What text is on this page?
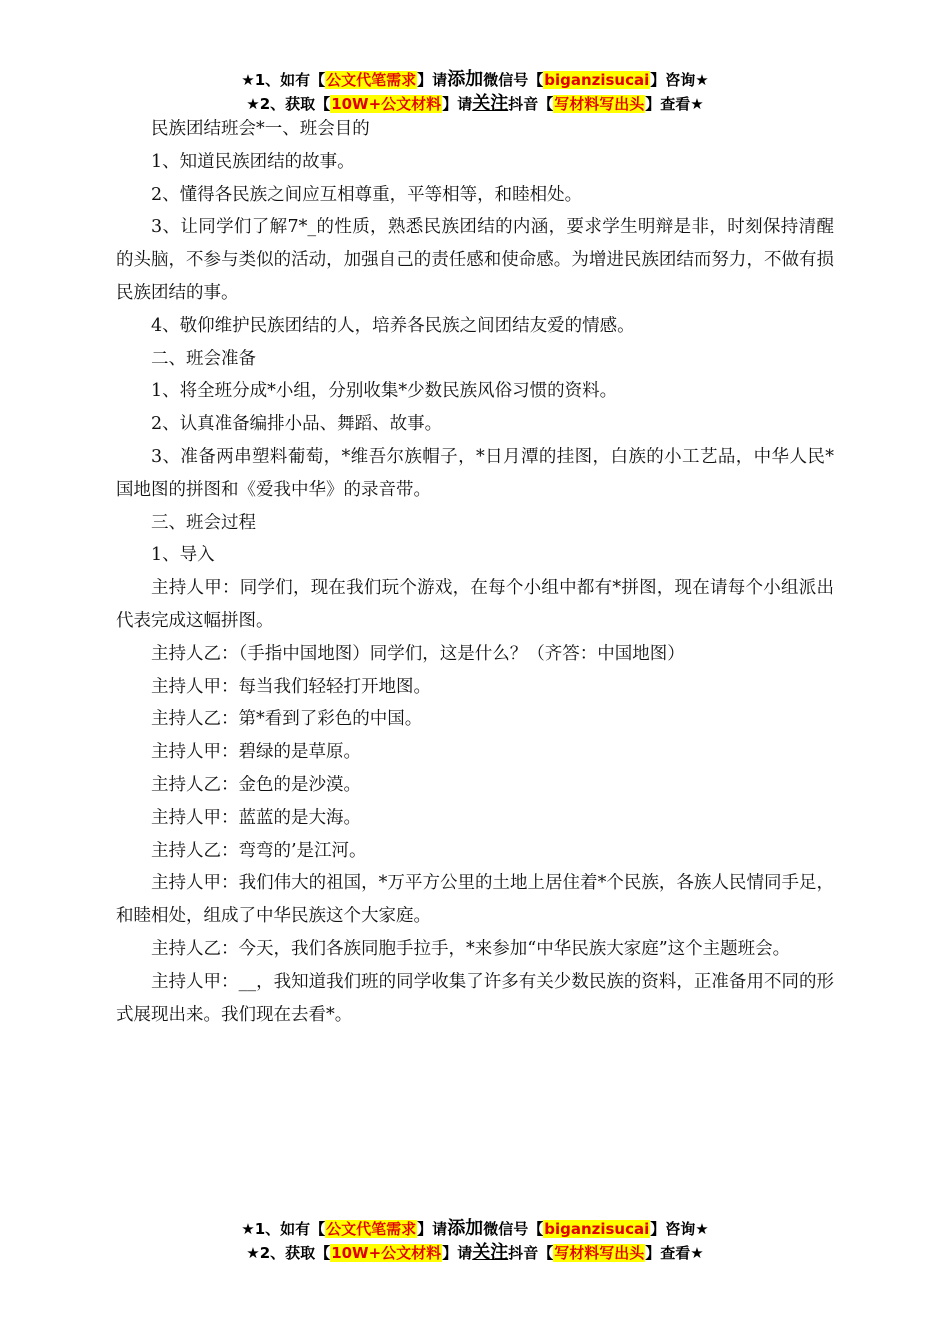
★1、如有【公文代笔需求】请添加微信号【biganzisucai】咨询★
★2、获取【10W+公文材料】请关注抖音【写材料写出头】查看★

民族团结班会*一、班会目的

1、知道民族团结的故事。

2、懂得各民族之间应互相尊重，平等相等，和睦相处。

3、让同学们了解7*_的性质，熟悉民族团结的内涵，要求学生明辩是非，时刻保持清醒的头脑，不参与类似的活动，加强自己的责任感和使命感。为增进民族团结而努力，不做有损民族团结的事。

4、敬仰维护民族团结的人，培养各民族之间团结友爱的情感。

二、班会准备

1、将全班分成*小组，分别收集*少数民族风俗习惯的资料。

2、认真准备编排小品、舞蹈、故事。

3、准备两串塑料葡萄，*维吾尔族帽子，*日月潭的挂图，白族的小工艺品，中华人民*国地图的拼图和《爱我中华》的录音带。

三、班会过程

1、导入

主持人甲：同学们，现在我们玩个游戏，在每个小组中都有*拼图，现在请每个小组派出代表完成这幅拼图。

主持人乙：（手指中国地图）同学们，这是什么？（齐答：中国地图）

主持人甲：每当我们轻轻打开地图。

主持人乙：第*看到了彩色的中国。

主持人甲：碧绿的是草原。

主持人乙：金色的是沙漠。

主持人甲：蓝蓝的是大海。

主持人乙：弯弯的’是江河。

主持人甲：我们伟大的祖国，*万平方公里的土地上居住着*个民族，各族人民情同手足，和睦相处，组成了中华民族这个大家庭。

主持人乙：今天，我们各族同胞手拉手，*来参加“中华民族大家庭”这个主题班会。

主持人甲：__，我知道我们班的同学收集了许多有关少数民族的资料，正准备用不同的形式展现出来。我们现在去看*。

★1、如有【公文代笔需求】请添加微信号【biganzisucai】咨询★
★2、获取【10W+公文材料】请关注抖音【写材料写出头】查看★
